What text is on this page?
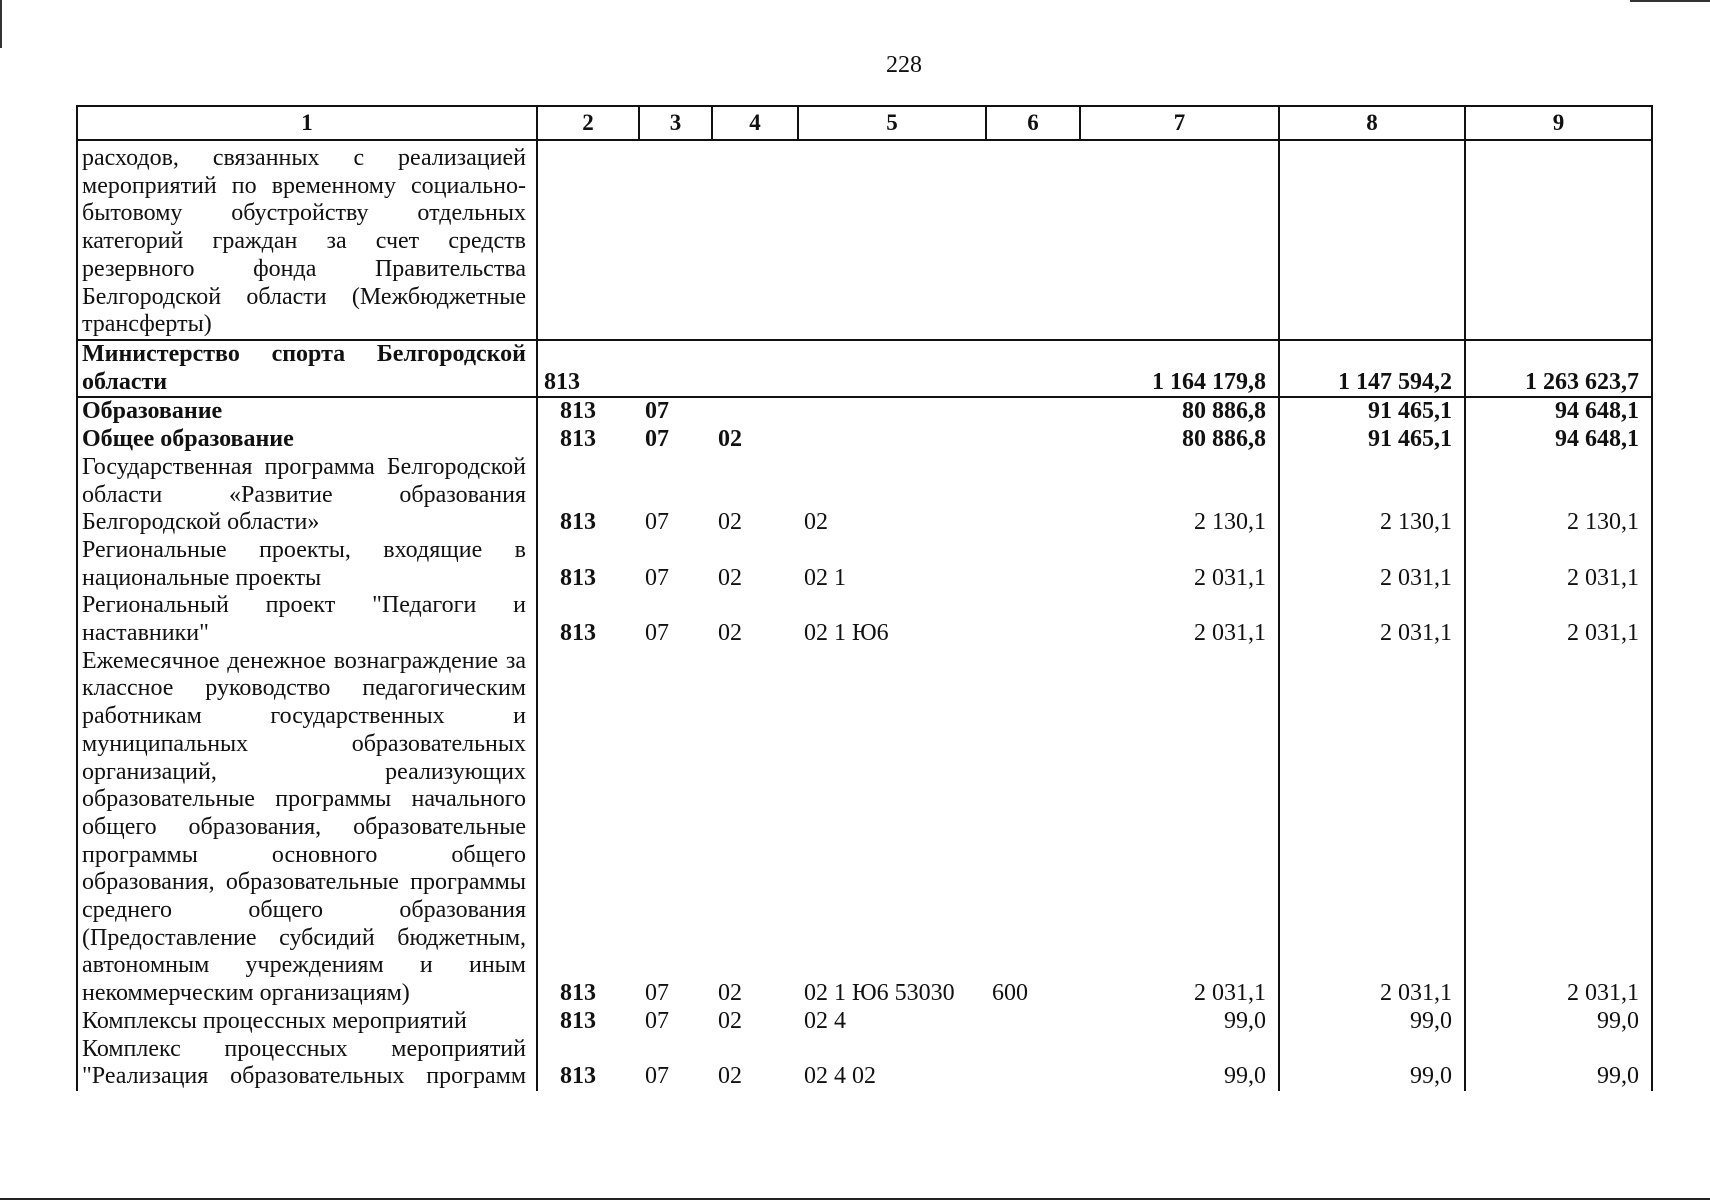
228
1	2	3	4	5	6	7	8	9
расходов, связанных с реализацией мероприятий по временному социально-бытовому обустройству отдельных категорий граждан за счет средств резервного фонда Правительства Белгородской области (Межбюджетные трансферты)								
Министерство спорта Белгородской области	813					1 164 179,8	1 147 594,2	1 263 623,7
Образование	813	07				80 886,8	91 465,1	94 648,1
Общее образование	813	07	02			80 886,8	91 465,1	94 648,1
Государственная программа Белгородской области «Развитие образования Белгородской области»	813	07	02	02		2 130,1	2 130,1	2 130,1
Региональные проекты, входящие в национальные проекты	813	07	02	02 1		2 031,1	2 031,1	2 031,1
Региональный проект "Педагоги и наставники"	813	07	02	02 1 Ю6		2 031,1	2 031,1	2 031,1
Ежемесячное денежное вознаграждение за классное руководство педагогическим работникам государственных и муниципальных образовательных организаций, реализующих образовательные программы начального общего образования, образовательные программы основного общего образования, образовательные программы среднего общего образования (Предоставление субсидий бюджетным, автономным учреждениям и иным некоммерческим организациям)	813	07	02	02 1 Ю6 53030	600	2 031,1	2 031,1	2 031,1
Комплексы процессных мероприятий	813	07	02	02 4		99,0	99,0	99,0
Комплекс процессных мероприятий "Реализация образовательных программ	813	07	02	02 4 02		99,0	99,0	99,0
